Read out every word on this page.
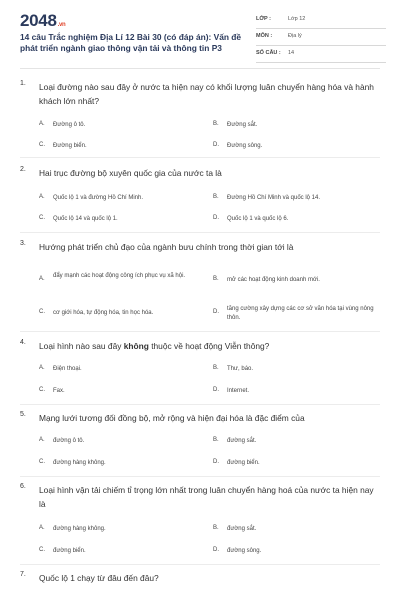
2048.vn
14 câu Trắc nghiệm Địa Lí 12 Bài 30 (có đáp án): Vấn đề phát triển ngành giao thông vận tải và thông tin P3
LỚP :	Lớp 12
MÔN :	Địa lý
SỐ CÂU : 14
1. Loại đường nào sau đây ở nước ta hiện nay có khối lượng luân chuyển hàng hóa và hành khách lớn nhất?
A. Đường ô tô.	B. Đường sắt.
C. Đường biển.	D. Đường sông.
2. Hai trục đường bộ xuyên quốc gia của nước ta là
A. Quốc lộ 1 và đường Hồ Chí Minh.	B. Đường Hồ Chí Minh và quốc lộ 14.
C. Quốc lộ 14 và quốc lộ 1.	D. Quốc lộ 1 và quốc lộ 6.
3. Hướng phát triển chủ đạo của ngành bưu chính trong thời gian tới là
A. đẩy mạnh các hoạt động công ích phục vụ xã hội.	B. mở các hoạt động kinh doanh mới.
C. cơ giới hóa, tự động hóa, tin học hóa.	D. tăng cường xây dựng các cơ sở văn hóa tại vùng nông thôn.
4. Loại hình nào sau đây không thuộc về hoạt động Viễn thông?
A. Điện thoại.	B. Thư, báo.
C. Fax.	D. Internet.
5. Mạng lưới tương đối đồng bộ, mở rộng và hiện đại hóa là đặc điểm của
A. đường ô tô.	B. đường sắt.
C. đường hàng không.	D. đường biển.
6. Loại hình vận tải chiếm tỉ trọng lớn nhất trong luân chuyển hàng hoá của nước ta hiện nay là
A. đường hàng không.	B. đường sắt.
C. đường biển.	D. đường sông.
7. Quốc lộ 1 chạy từ đâu đến đâu?
